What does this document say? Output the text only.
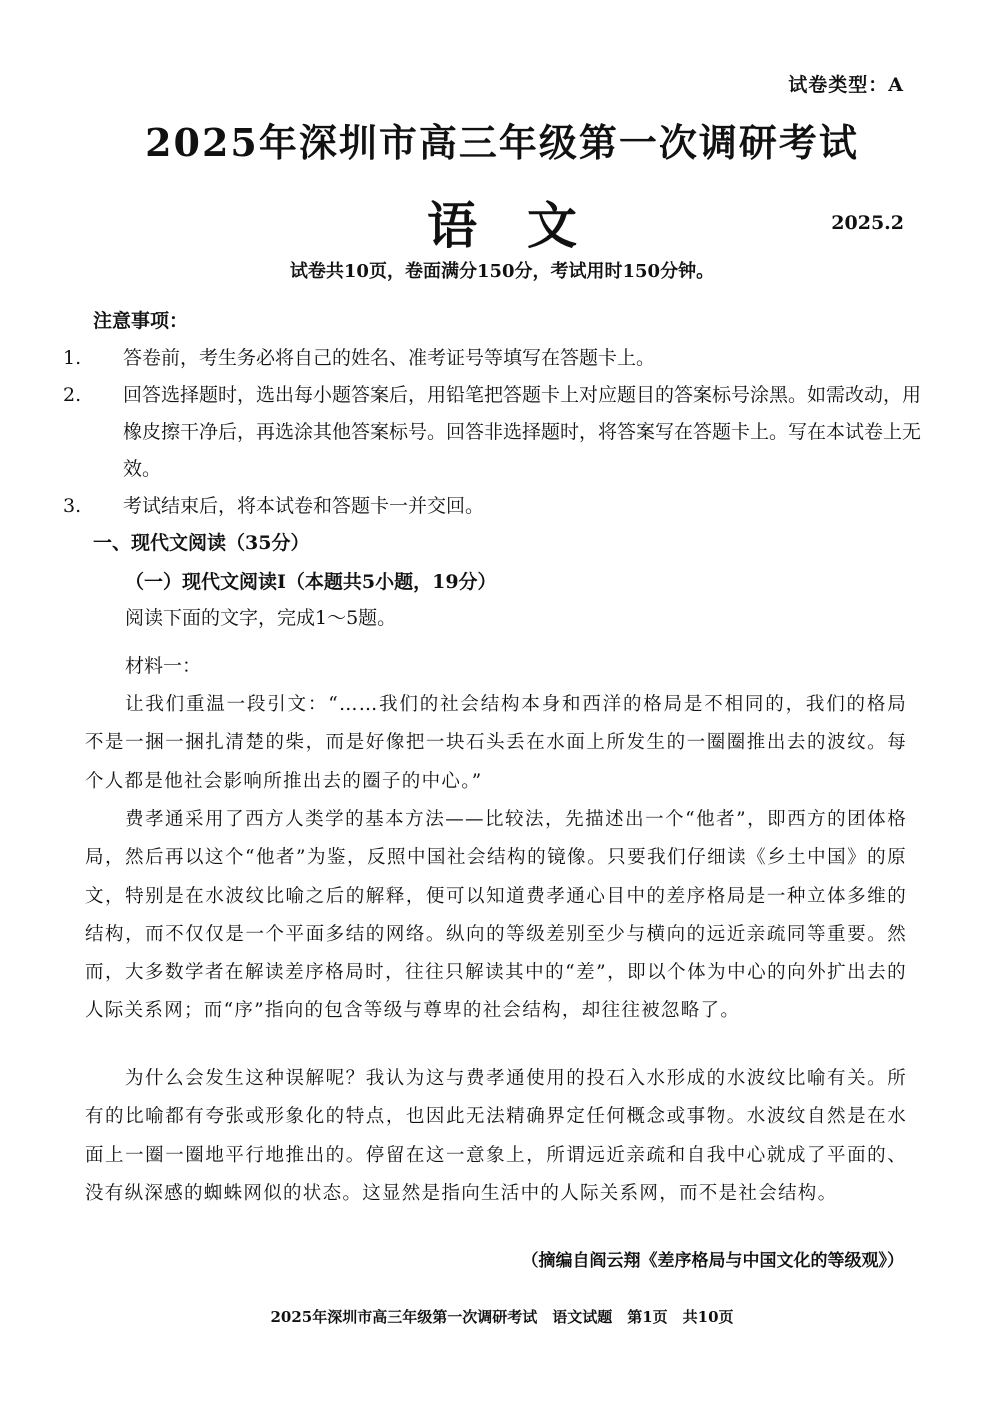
试卷类型：A
2025年深圳市高三年级第一次调研考试
语文	2025.2
试卷共10页，卷面满分150分，考试用时150分钟。
注意事项：
1. 答卷前，考生务必将自己的姓名、准考证号等填写在答题卡上。
2. 回答选择题时，选出每小题答案后，用铅笔把答题卡上对应题目的答案标号涂黑。如需改动，用橡皮擦干净后，再选涂其他答案标号。回答非选择题时，将答案写在答题卡上。写在本试卷上无效。
3. 考试结束后，将本试卷和答题卡一并交回。
一、现代文阅读（35分）
（一）现代文阅读Ⅰ（本题共5小题，19分）
阅读下面的文字，完成1～5题。
材料一：
让我们重温一段引文：“……我们的社会结构本身和西洋的格局是不相同的，我们的格局不是一捆一捆扎清楚的柴，而是好像把一块石头丢在水面上所发生的一圈圈推出去的波纹。每个人都是他社会影响所推出去的圈子的中心。”
费孝通采用了西方人类学的基本方法——比较法，先描述出一个“他者”，即西方的团体格局，然后再以这个“他者”为鉴，反照中国社会结构的镜像。只要我们仔细读《乡土中国》的原文，特别是在水波纹比喻之后的解释，便可以知道费孝通心目中的差序格局是一种立体多维的结构，而不仅仅是一个平面多结的网络。纵向的等级差别至少与横向的远近亲疏同等重要。然而，大多数学者在解读差序格局时，往往只解读其中的“差”，即以个体为中心的向外扩出去的人际关系网；而“序”指向的包含等级与尊卑的社会结构，却往往被忽略了。
为什么会发生这种误解呢？我认为这与费孝通使用的投石入水形成的水波纹比喻有关。所有的比喻都有夸张或形象化的特点，也因此无法精确界定任何概念或事物。水波纹自然是在水面上一圈一圈地平行地推出的。停留在这一意象上，所谓远近亲疏和自我中心就成了平面的、没有纵深感的蜘蛛网似的状态。这显然是指向生活中的人际关系网，而不是社会结构。
（摘编自阎云翔《差序格局与中国文化的等级观》）
2025年深圳市高三年级第一次调研考试　语文试题　第1页　共10页
